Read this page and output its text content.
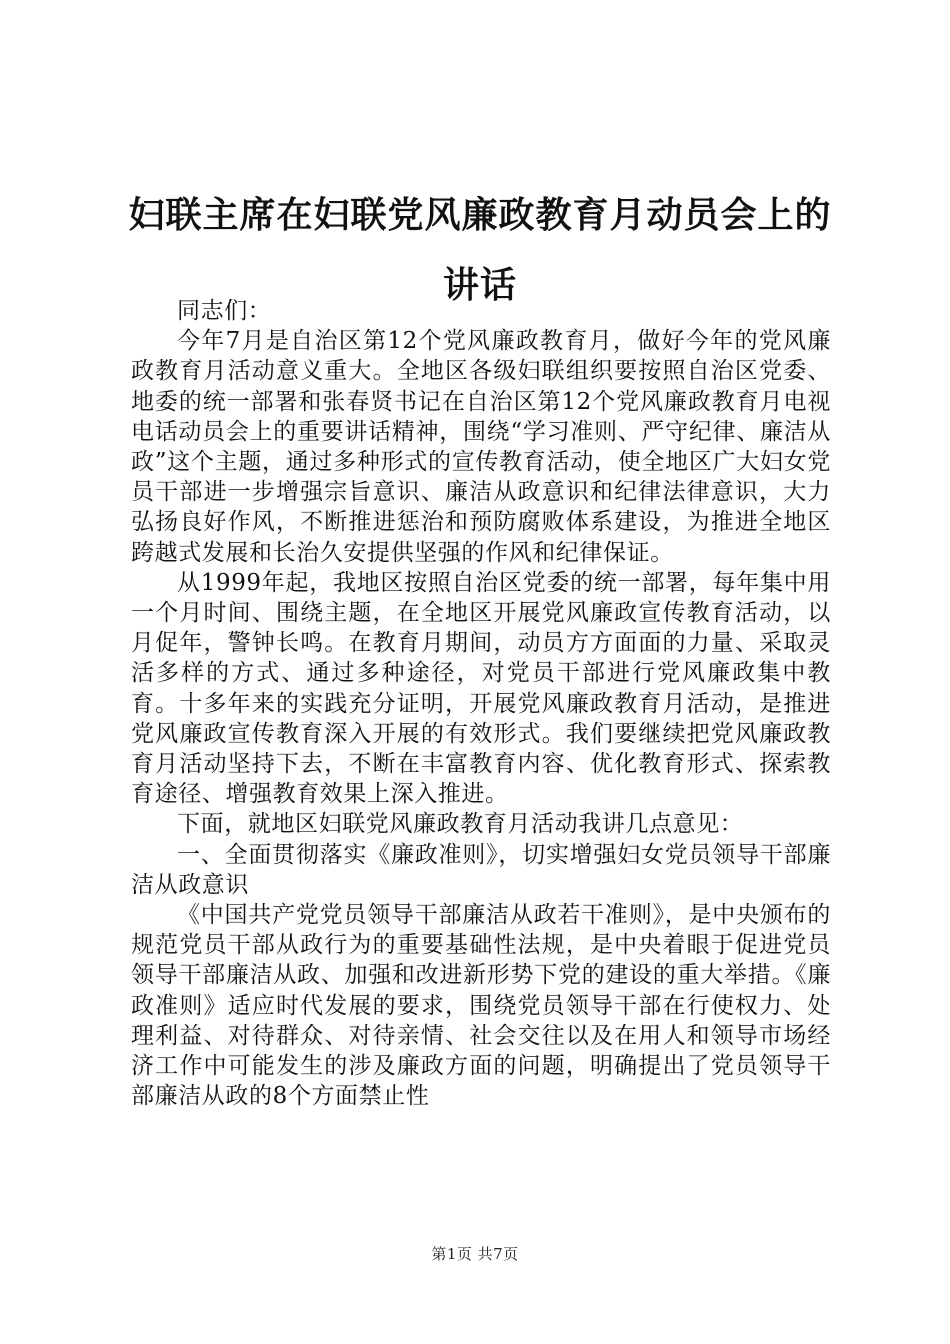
妇联主席在妇联党风廉政教育月动员会上的讲话

同志们：

今年7月是自治区第12个党风廉政教育月，做好今年的党风廉政教育月活动意义重大。全地区各级妇联组织要按照自治区党委、地委的统一部署和张春贤书记在自治区第12个党风廉政教育月电视电话动员会上的重要讲话精神，围绕“学习准则、严守纪律、廉洁从政”这个主题，通过多种形式的宣传教育活动，使全地区广大妇女党员干部进一步增强宗旨意识、廉洁从政意识和纪律法律意识，大力弘扬良好作风，不断推进惩治和预防腐败体系建设，为推进全地区跨越式发展和长治久安提供坚强的作风和纪律保证。

从1999年起，我地区按照自治区党委的统一部署，每年集中用一个月时间、围绕主题，在全地区开展党风廉政宣传教育活动，以月促年，警钟长鸣。在教育月期间，动员方方面面的力量、采取灵活多样的方式、通过多种途径，对党员干部进行党风廉政集中教育。十多年来的实践充分证明，开展党风廉政教育月活动，是推进党风廉政宣传教育深入开展的有效形式。我们要继续把党风廉政教育月活动坚持下去，不断在丰富教育内容、优化教育形式、探索教育途径、增强教育效果上深入推进。

下面，就地区妇联党风廉政教育月活动我讲几点意见：

一、全面贯彻落实《廉政准则》，切实增强妇女党员领导干部廉洁从政意识

《中国共产党党员领导干部廉洁从政若干准则》，是中央颁布的规范党员干部从政行为的重要基础性法规，是中央着眼于促进党员领导干部廉洁从政、加强和改进新形势下党的建设的重大举措。《廉政准则》适应时代发展的要求，围绕党员领导干部在行使权力、处理利益、对待群众、对待亲情、社会交往以及在用人和领导市场经济工作中可能发生的涉及廉政方面的问题，明确提出了党员领导干部廉洁从政的8个方面禁止性

第1页 共7页
